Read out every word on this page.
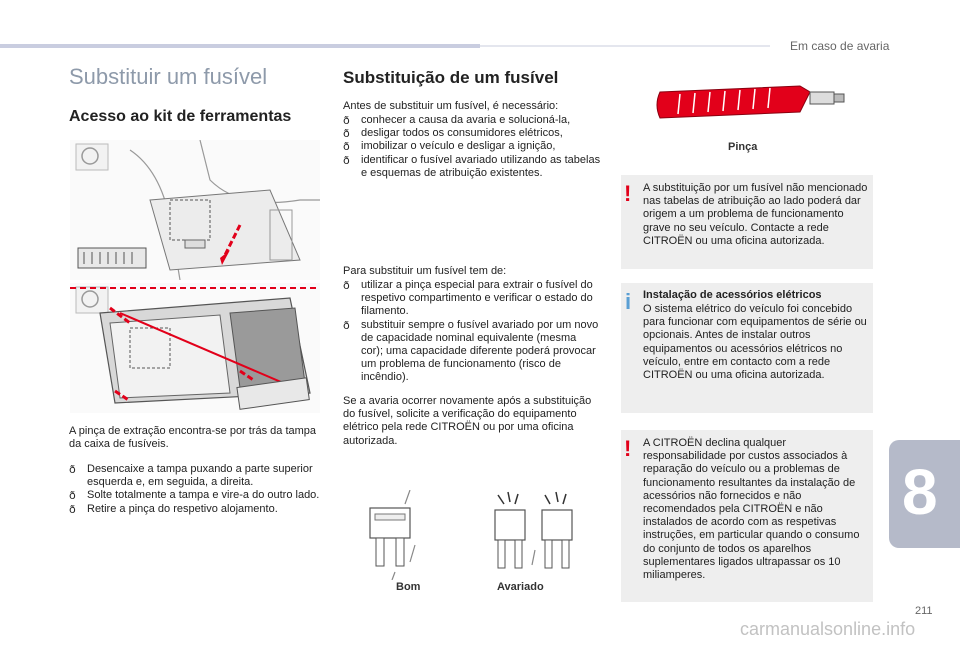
Em caso de avaria
Substituir um fusível
Acesso ao kit de ferramentas
A pinça de extração encontra-se por trás da tampa da caixa de fusíveis.
ð Desencaixe a tampa puxando a parte superior esquerda e, em seguida, a direita.
ð Solte totalmente a tampa e vire-a do outro lado.
ð Retire a pinça do respetivo alojamento.
Substituição de um fusível
Antes de substituir um fusível, é necessário:
ð conhecer a causa da avaria e solucioná-la,
ð desligar todos os consumidores elétricos,
ð imobilizar o veículo e desligar a ignição,
ð identificar o fusível avariado utilizando as tabelas e esquemas de atribuição existentes.
Para substituir um fusível tem de:
ð utilizar a pinça especial para extrair o fusível do respetivo compartimento e verificar o estado do filamento.
ð substituir sempre o fusível avariado por um novo de capacidade nominal equivalente (mesma cor); uma capacidade diferente poderá provocar um problema de funcionamento (risco de incêndio).
Se a avaria ocorrer novamente após a substituição do fusível, solicite a verificação do equipamento elétrico pela rede CITROËN ou por uma oficina autorizada.
Bom	Avariado
Pinça
! A substituição por um fusível não mencionado nas tabelas de atribuição ao lado poderá dar origem a um problema de funcionamento grave no seu veículo. Contacte a rede CITROËN ou uma oficina autorizada.
i Instalação de acessórios elétricos
O sistema elétrico do veículo foi concebido para funcionar com equipamentos de série ou opcionais. Antes de instalar outros equipamentos ou acessórios elétricos no veículo, entre em contacto com a rede CITROËN ou uma oficina autorizada.
! A CITROËN declina qualquer responsabilidade por custos associados à reparação do veículo ou a problemas de funcionamento resultantes da instalação de acessórios não fornecidos e não recomendados pela CITROËN e não instalados de acordo com as respetivas instruções, em particular quando o consumo do conjunto de todos os aparelhos suplementares ligados ultrapassar os 10 miliamperes.
8
211
carmanualsonline.info
